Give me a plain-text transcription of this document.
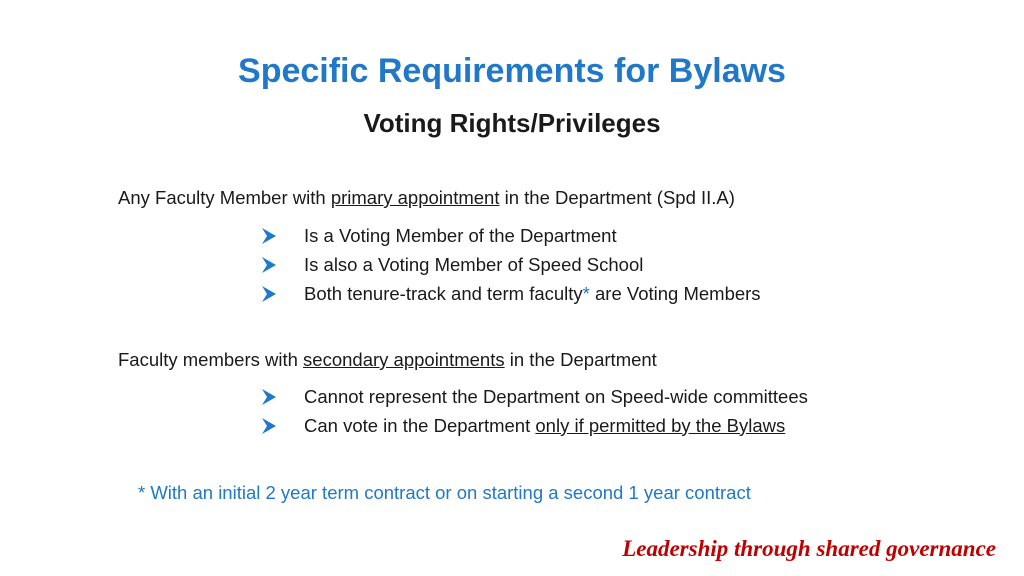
Specific Requirements for Bylaws
Voting Rights/Privileges
Any Faculty Member with primary appointment in the Department (Spd II.A)
Is a Voting Member of the Department
Is also a Voting Member of Speed School
Both tenure-track and term faculty* are Voting Members
Faculty members with secondary appointments in the Department
Cannot represent the Department on Speed-wide committees
Can vote in the Department only if permitted by the Bylaws
* With an initial 2 year term contract or on starting a second 1 year contract
Leadership through shared governance
